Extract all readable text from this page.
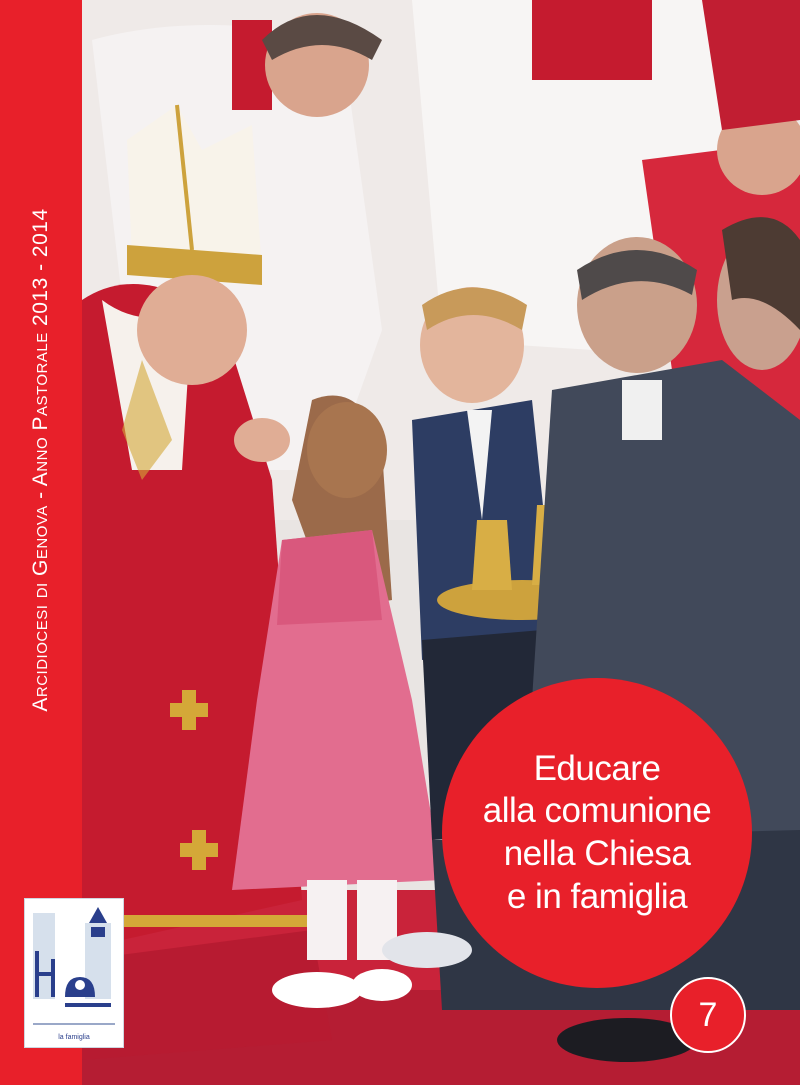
Arcidiocesi di Genova - Anno Pastorale 2013 - 2014
la famiglia
Educare
alla comunione
nella Chiesa
e in famiglia
7
